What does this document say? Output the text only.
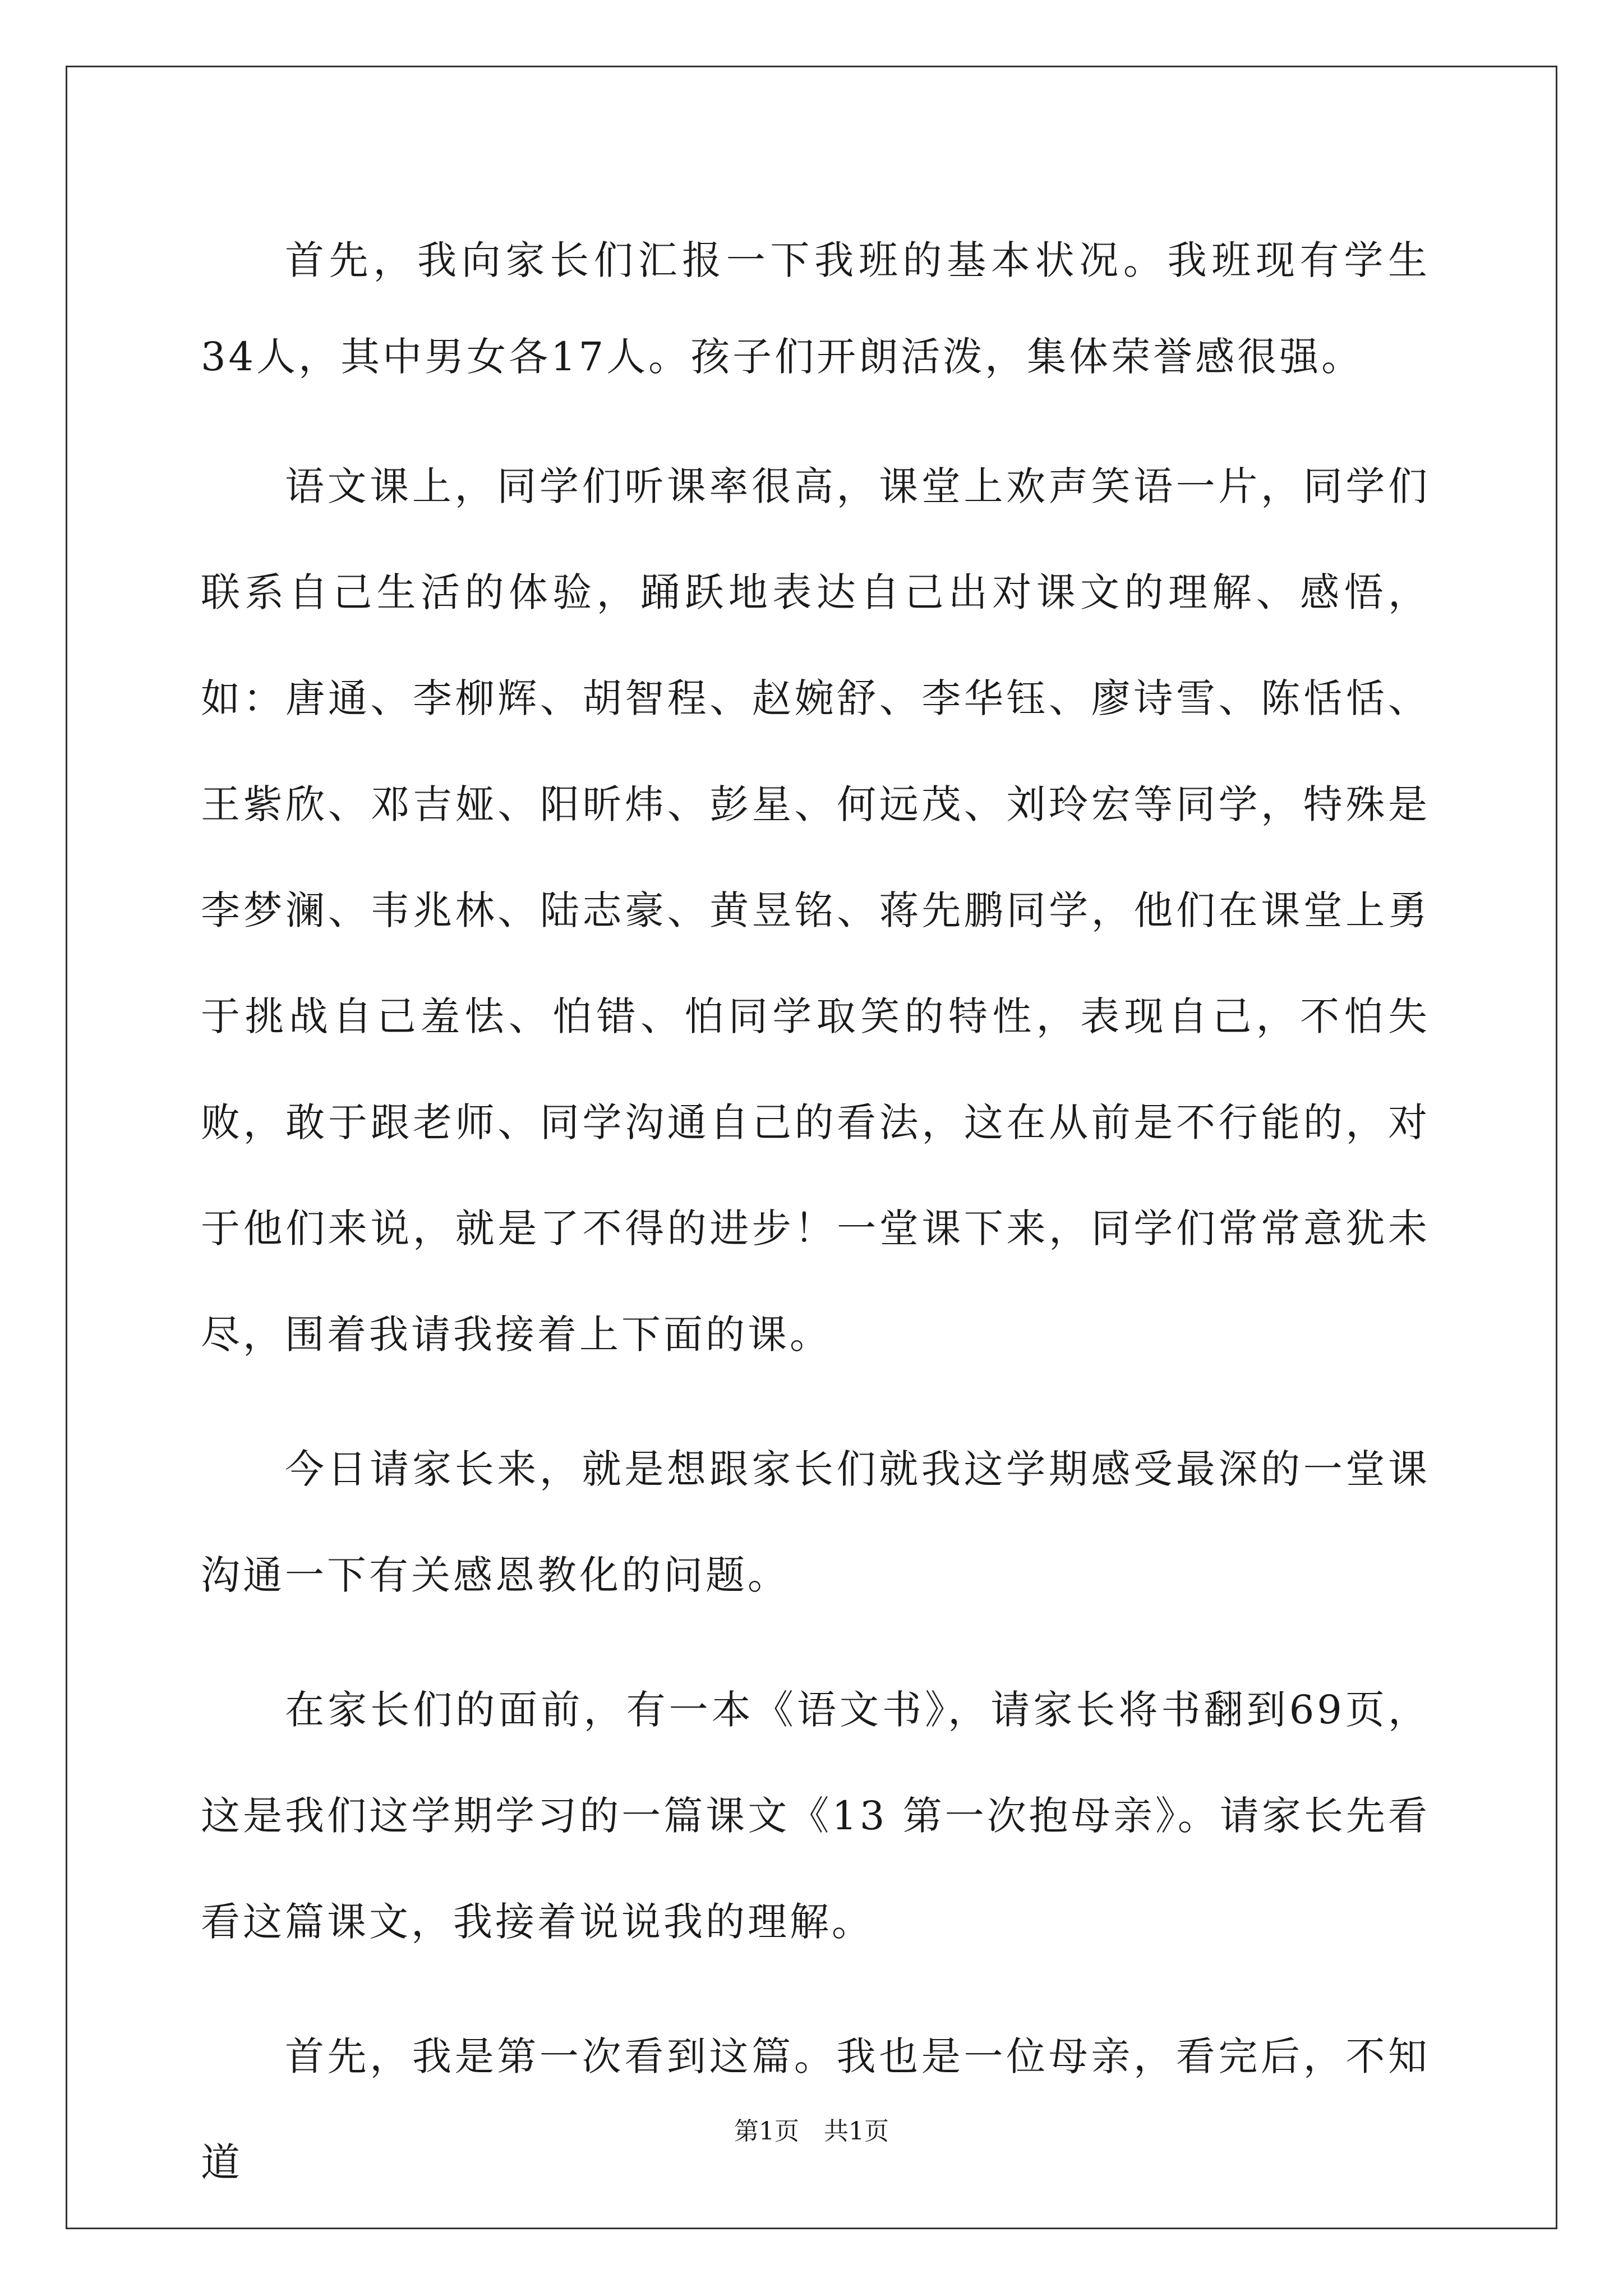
首先，我向家长们汇报一下我班的基本状况。我班现有学生34人，其中男女各17人。孩子们开朗活泼，集体荣誉感很强。

语文课上，同学们听课率很高，课堂上欢声笑语一片，同学们联系自己生活的体验，踊跃地表达自己出对课文的理解、感悟，如：唐通、李柳辉、胡智程、赵婉舒、李华钰、廖诗雪、陈恬恬、王紫欣、邓吉娅、阳昕炜、彭星、何远茂、刘玲宏等同学，特殊是李梦澜、韦兆林、陆志豪、黄昱铭、蒋先鹏同学，他们在课堂上勇于挑战自己羞怯、怕错、怕同学取笑的特性，表现自己，不怕失败，敢于跟老师、同学沟通自己的看法，这在从前是不行能的，对于他们来说，就是了不得的进步！一堂课下来，同学们常常意犹未尽，围着我请我接着上下面的课。

今日请家长来，就是想跟家长们就我这学期感受最深的一堂课沟通一下有关感恩教化的问题。

在家长们的面前，有一本《语文书》，请家长将书翻到69页，这是我们这学期学习的一篇课文《13 第一次抱母亲》。请家长先看看这篇课文，我接着说说我的理解。

首先，我是第一次看到这篇。我也是一位母亲，看完后，不知道

第1页 共1页
